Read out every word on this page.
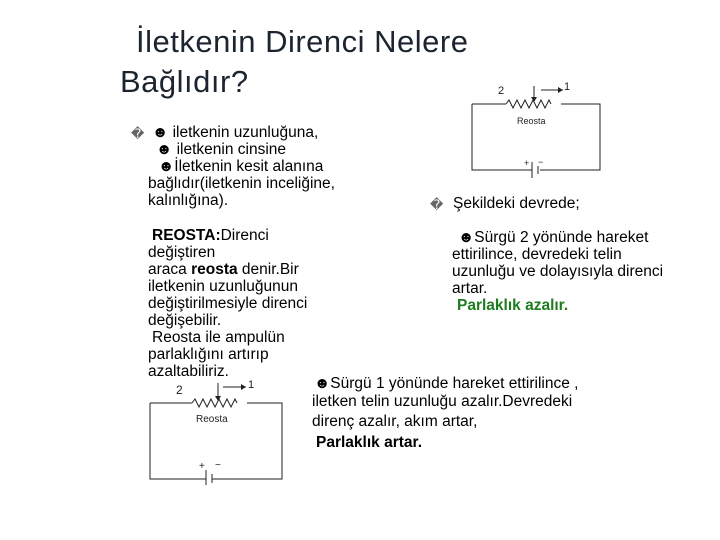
İletkenin Direnci Nelere
Bağlıdır?
� ☻ iletkenin uzunluğuna,
☻ iletkenin cinsine
☻İletkenin kesit alanına
bağlıdır(iletkenin inceliğine,
kalınlığına).
REOSTA:Direnci
değiştiren
araca reosta denir.Bir
iletkenin uzunluğunun
değiştirilmesiyle direnci
değişebilir.
Reosta ile ampulün
parlaklığını artırıp
azaltabiliriz.
� Şekildeki devrede;
☻Sürgü 2 yönünde hareket
ettirilince, devredeki telin
uzunluğu ve dolayısıyla direnci
artar.
Parlaklık azalır.
☻Sürgü 1 yönünde hareket ettirilince ,
iletken telin uzunluğu azalır.Devredeki
direnç azalır, akım artar,
Parlaklık artar.
2	1
Reosta
+ −
2	1
Reosta
+ −
